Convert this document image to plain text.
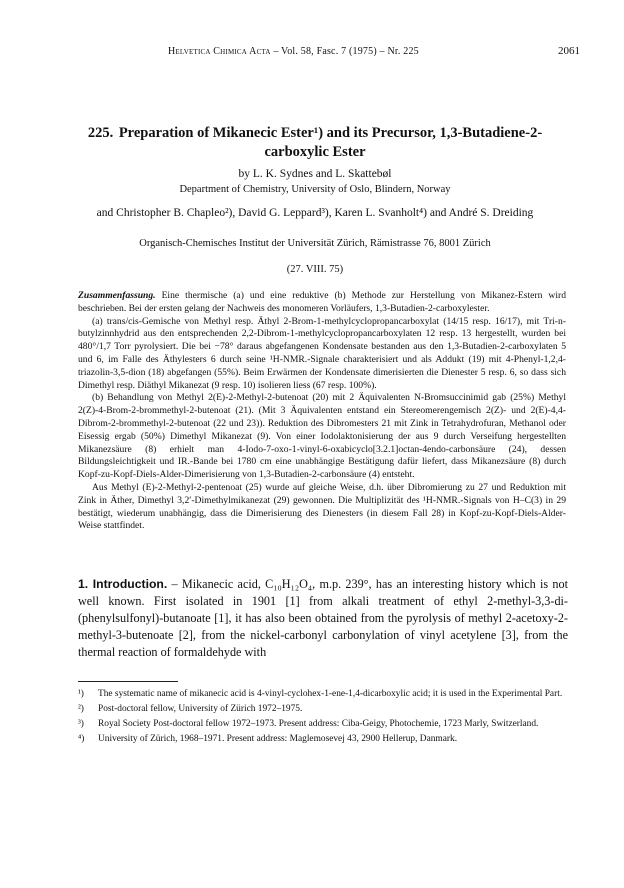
Helvetica Chimica Acta – Vol. 58, Fasc. 7 (1975) – Nr. 225	2061
225. Preparation of Mikanecic Ester¹) and its Precursor, 1,3-Butadiene-2-carboxylic Ester
by L. K. Sydnes and L. Skattebøl
Department of Chemistry, University of Oslo, Blindern, Norway
and Christopher B. Chapleo²), David G. Leppard³), Karen L. Svanholt⁴) and André S. Dreiding
Organisch-Chemisches Institut der Universität Zürich, Rämistrasse 76, 8001 Zürich
(27. VIII. 75)

Zusammenfassung. Eine thermische (a) und eine reduktive (b) Methode zur Herstellung von Mikanez-Estern wird beschrieben. Bei der ersten gelang der Nachweis des monomeren Vorläufers, 1,3-Butadien-2-carboxylester.

(a) trans/cis-Gemische von Methyl resp. Äthyl 2-Brom-1-methylcyclopropancarboxylat (14/15 resp. 16/17), mit Tri-n-butylzinnhydrid aus den entsprechenden 2,2-Dibrom-1-methylcyclopropancarboxylaten 12 resp. 13 hergestellt, wurden bei 480°/1,7 Torr pyrolysiert. Die bei −78° daraus abgefangenen Kondensate bestanden aus den 1,3-Butadien-2-carboxylaten 5 und 6, im Falle des Äthylesters 6 durch seine ¹H-NMR.-Signale charakterisiert und als Addukt (19) mit 4-Phenyl-1,2,4-triazolin-3,5-dion (18) abgefangen (55%). Beim Erwärmen der Kondensate dimerisierten die Dienester 5 resp. 6, so dass sich Dimethyl resp. Diäthyl Mikanezat (9 resp. 10) isolieren liess (67 resp. 100%).

(b) Behandlung von Methyl 2(E)-2-Methyl-2-butenoat (20) mit 2 Äquivalenten N-Bromsuccinimid gab (25%) Methyl 2(Z)-4-Brom-2-brommethyl-2-butenoat (21). (Mit 3 Äquivalenten entstand ein Stereomerengemisch 2(Z)- und 2(E)-4,4-Dibrom-2-brommethyl-2-butenoat (22 und 23)). Reduktion des Dibromesters 21 mit Zink in Tetrahydrofuran, Methanol oder Eisessig ergab (50%) Dimethyl Mikanezat (9). Von einer Iodolaktonisierung der aus 9 durch Verseifung hergestellten Mikanezsäure (8) erhielt man 4-Iodo-7-oxo-1-vinyl-6-oxabicyclo[3.2.1]octan-4endo-carbonsäure (24), dessen Bildungsleichtigkeit und IR.-Bande bei 1780 cm eine unabhängige Bestätigung dafür liefert, dass Mikanezsäure (8) durch Kopf-zu-Kopf-Diels-Alder-Dimerisierung von 1,3-Butadien-2-carbonsäure (4) entsteht.

Aus Methyl (E)-2-Methyl-2-pentenoat (25) wurde auf gleiche Weise, d.h. über Dibromierung zu 27 und Reduktion mit Zink in Äther, Dimethyl 3,2′-Dimethylmikanezat (29) gewonnen. Die Multiplizität des ¹H-NMR.-Signals von H–C(3) in 29 bestätigt, wiederum unabhängig, dass die Dimerisierung des Dienesters (in diesem Fall 28) in Kopf-zu-Kopf-Diels-Alder-Weise stattfindet.

1. Introduction. – Mikanecic acid, C₁₀H₁₂O₄, m.p. 239°, has an interesting history which is not well known. First isolated in 1901 [1] from alkali treatment of ethyl 2-methyl-3,3-di-(phenylsulfonyl)-butanoate [1], it has also been obtained from the pyrolysis of methyl 2-acetoxy-2-methyl-3-butenoate [2], from the nickel-carbonyl carbonylation of vinyl acetylene [3], from the thermal reaction of formaldehyde with
¹)	The systematic name of mikanecic acid is 4-vinyl-cyclohex-1-ene-1,4-dicarboxylic acid; it is used in the Experimental Part.
²)	Post-doctoral fellow, University of Zürich 1972–1975.
³)	Royal Society Post-doctoral fellow 1972–1973. Present address: Ciba-Geigy, Photochemie, 1723 Marly, Switzerland.
⁴)	University of Zürich, 1968–1971. Present address: Maglemosevej 43, 2900 Hellerup, Danmark.
